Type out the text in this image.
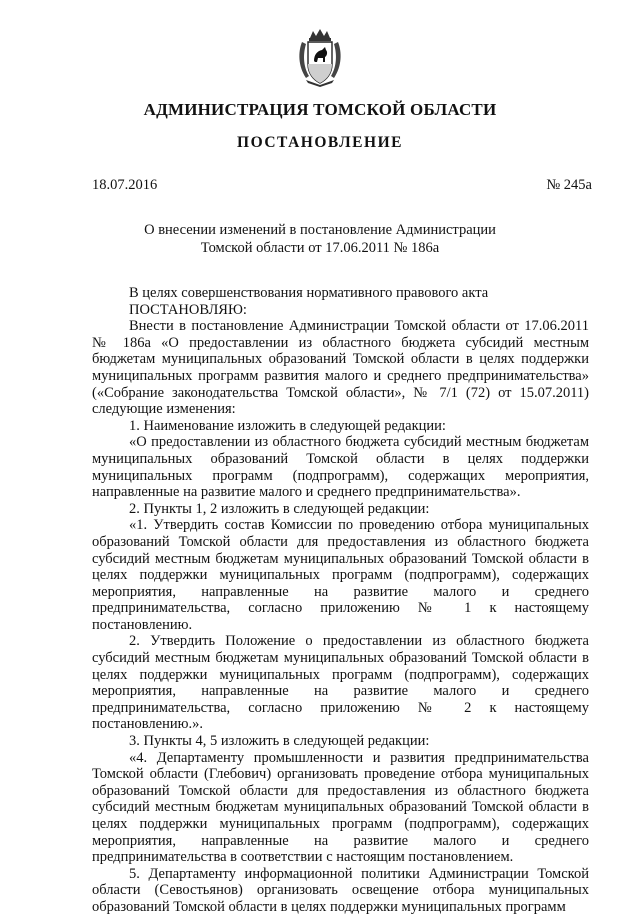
АДМИНИСТРАЦИЯ ТОМСКОЙ ОБЛАСТИ
ПОСТАНОВЛЕНИЕ
18.07.2016	№ 245а
О внесении изменений в постановление Администрации
Томской области от 17.06.2011 № 186а

В целях совершенствования нормативного правового акта

ПОСТАНОВЛЯЮ:

Внести в постановление Администрации Томской области от 17.06.2011 № 186а «О предоставлении из областного бюджета субсидий местным бюджетам муниципальных образований Томской области в целях поддержки муниципальных программ развития малого и среднего предпринимательства» («Собрание законодательства Томской области», № 7/1 (72) от 15.07.2011) следующие изменения:

1. Наименование изложить в следующей редакции:

«О предоставлении из областного бюджета субсидий местным бюджетам муниципальных образований Томской области в целях поддержки муниципальных программ (подпрограмм), содержащих мероприятия, направленные на развитие малого и среднего предпринимательства».

2. Пункты 1, 2 изложить в следующей редакции:

«1. Утвердить состав Комиссии по проведению отбора муниципальных образований Томской области для предоставления из областного бюджета субсидий местным бюджетам муниципальных образований Томской области в целях поддержки муниципальных программ (подпрограмм), содержащих мероприятия, направленные на развитие малого и среднего предпринимательства, согласно приложению № 1 к настоящему постановлению.

2. Утвердить Положение о предоставлении из областного бюджета субсидий местным бюджетам муниципальных образований Томской области в целях поддержки муниципальных программ (подпрограмм), содержащих мероприятия, направленные на развитие малого и среднего предпринимательства, согласно приложению № 2 к настоящему постановлению.».

3. Пункты 4, 5 изложить в следующей редакции:

«4. Департаменту промышленности и развития предпринимательства Томской области (Глебович) организовать проведение отбора муниципальных образований Томской области для предоставления из областного бюджета субсидий местным бюджетам муниципальных образований Томской области в целях поддержки муниципальных программ (подпрограмм), содержащих мероприятия, направленные на развитие малого и среднего предпринимательства в соответствии с настоящим постановлением.

5. Департаменту информационной политики Администрации Томской области (Севостьянов) организовать освещение отбора муниципальных образований Томской области в целях поддержки муниципальных программ
